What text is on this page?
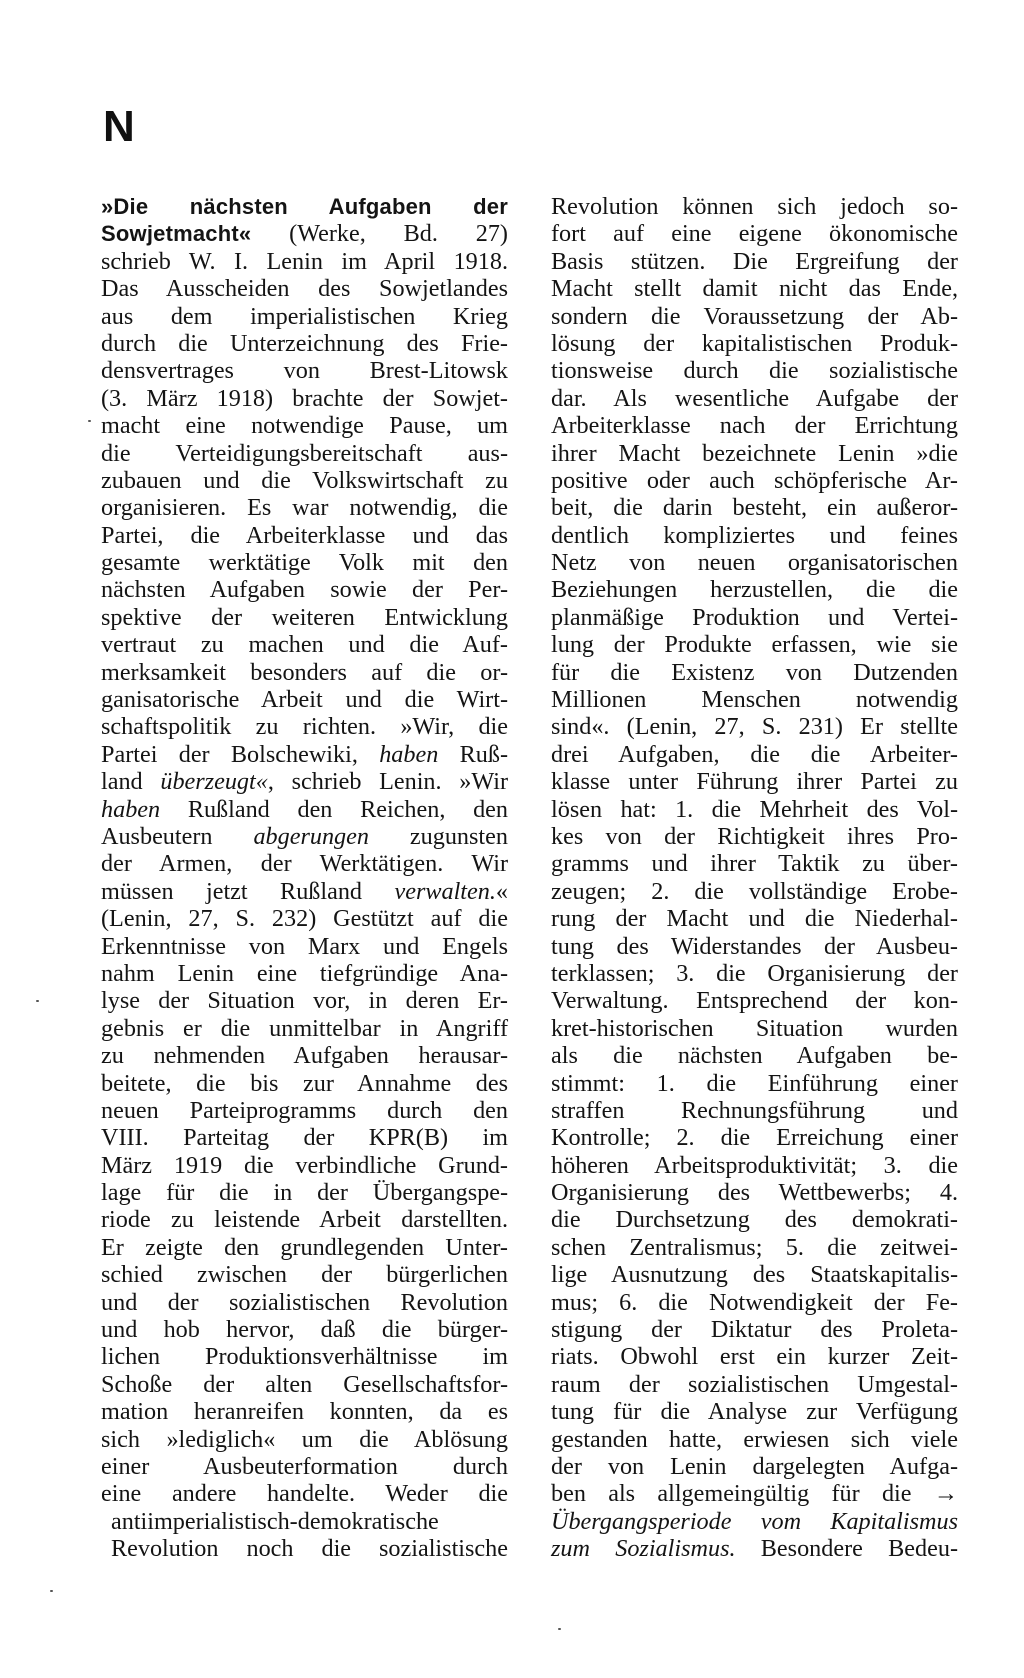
N
»Die nächsten Aufgaben der
Sowjetmacht« (Werke, Bd. 27)
schrieb W. I. Lenin im April 1918.
Das Ausscheiden des Sowjetlandes
aus dem imperialistischen Krieg
durch die Unterzeichnung des Frie-
densvertrages von Brest-Litowsk
(3. März 1918) brachte der Sowjet-
macht eine notwendige Pause, um
die Verteidigungsbereitschaft aus-
zubauen und die Volkswirtschaft zu
organisieren. Es war notwendig, die
Partei, die Arbeiterklasse und das
gesamte werktätige Volk mit den
nächsten Aufgaben sowie der Per-
spektive der weiteren Entwicklung
vertraut zu machen und die Auf-
merksamkeit besonders auf die or-
ganisatorische Arbeit und die Wirt-
schaftspolitik zu richten. »Wir, die
Partei der Bolschewiki, haben Ruß-
land überzeugt«, schrieb Lenin. »Wir
haben Rußland den Reichen, den
Ausbeutern abgerungen zugunsten
der Armen, der Werktätigen. Wir
müssen jetzt Rußland verwalten.«
(Lenin, 27, S. 232) Gestützt auf die
Erkenntnisse von Marx und Engels
nahm Lenin eine tiefgründige Ana-
lyse der Situation vor, in deren Er-
gebnis er die unmittelbar in Angriff
zu nehmenden Aufgaben herausar-
beitete, die bis zur Annahme des
neuen Parteiprogramms durch den
VIII. Parteitag der KPR(B) im
März 1919 die verbindliche Grund-
lage für die in der Übergangspe-
riode zu leistende Arbeit darstellten.
Er zeigte den grundlegenden Unter-
schied zwischen der bürgerlichen
und der sozialistischen Revolution
und hob hervor, daß die bürger-
lichen Produktionsverhältnisse im
Schoße der alten Gesellschaftsfor-
mation heranreifen konnten, da es
sich »lediglich« um die Ablösung
einer Ausbeuterformation durch
eine andere handelte. Weder die
antiimperialistisch-demokratische
Revolution noch die sozialistische
Revolution können sich jedoch so-
fort auf eine eigene ökonomische
Basis stützen. Die Ergreifung der
Macht stellt damit nicht das Ende,
sondern die Voraussetzung der Ab-
lösung der kapitalistischen Produk-
tionsweise durch die sozialistische
dar. Als wesentliche Aufgabe der
Arbeiterklasse nach der Errichtung
ihrer Macht bezeichnete Lenin »die
positive oder auch schöpferische Ar-
beit, die darin besteht, ein außeror-
dentlich kompliziertes und feines
Netz von neuen organisatorischen
Beziehungen herzustellen, die die
planmäßige Produktion und Vertei-
lung der Produkte erfassen, wie sie
für die Existenz von Dutzenden
Millionen Menschen notwendig
sind«. (Lenin, 27, S. 231) Er stellte
drei Aufgaben, die die Arbeiter-
klasse unter Führung ihrer Partei zu
lösen hat: 1. die Mehrheit des Vol-
kes von der Richtigkeit ihres Pro-
gramms und ihrer Taktik zu über-
zeugen; 2. die vollständige Erobe-
rung der Macht und die Niederhal-
tung des Widerstandes der Ausbeu-
terklassen; 3. die Organisierung der
Verwaltung. Entsprechend der kon-
kret-historischen Situation wurden
als die nächsten Aufgaben be-
stimmt: 1. die Einführung einer
straffen Rechnungsführung und
Kontrolle; 2. die Erreichung einer
höheren Arbeitsproduktivität; 3. die
Organisierung des Wettbewerbs; 4.
die Durchsetzung des demokrati-
schen Zentralismus; 5. die zeitwei-
lige Ausnutzung des Staatskapitalis-
mus; 6. die Notwendigkeit der Fe-
stigung der Diktatur des Proleta-
riats. Obwohl erst ein kurzer Zeit-
raum der sozialistischen Umgestal-
tung für die Analyse zur Verfügung
gestanden hatte, erwiesen sich viele
der von Lenin dargelegten Aufga-
ben als allgemeingültig für die →
Übergangsperiode vom Kapitalismus
zum Sozialismus. Besondere Bedeu-
